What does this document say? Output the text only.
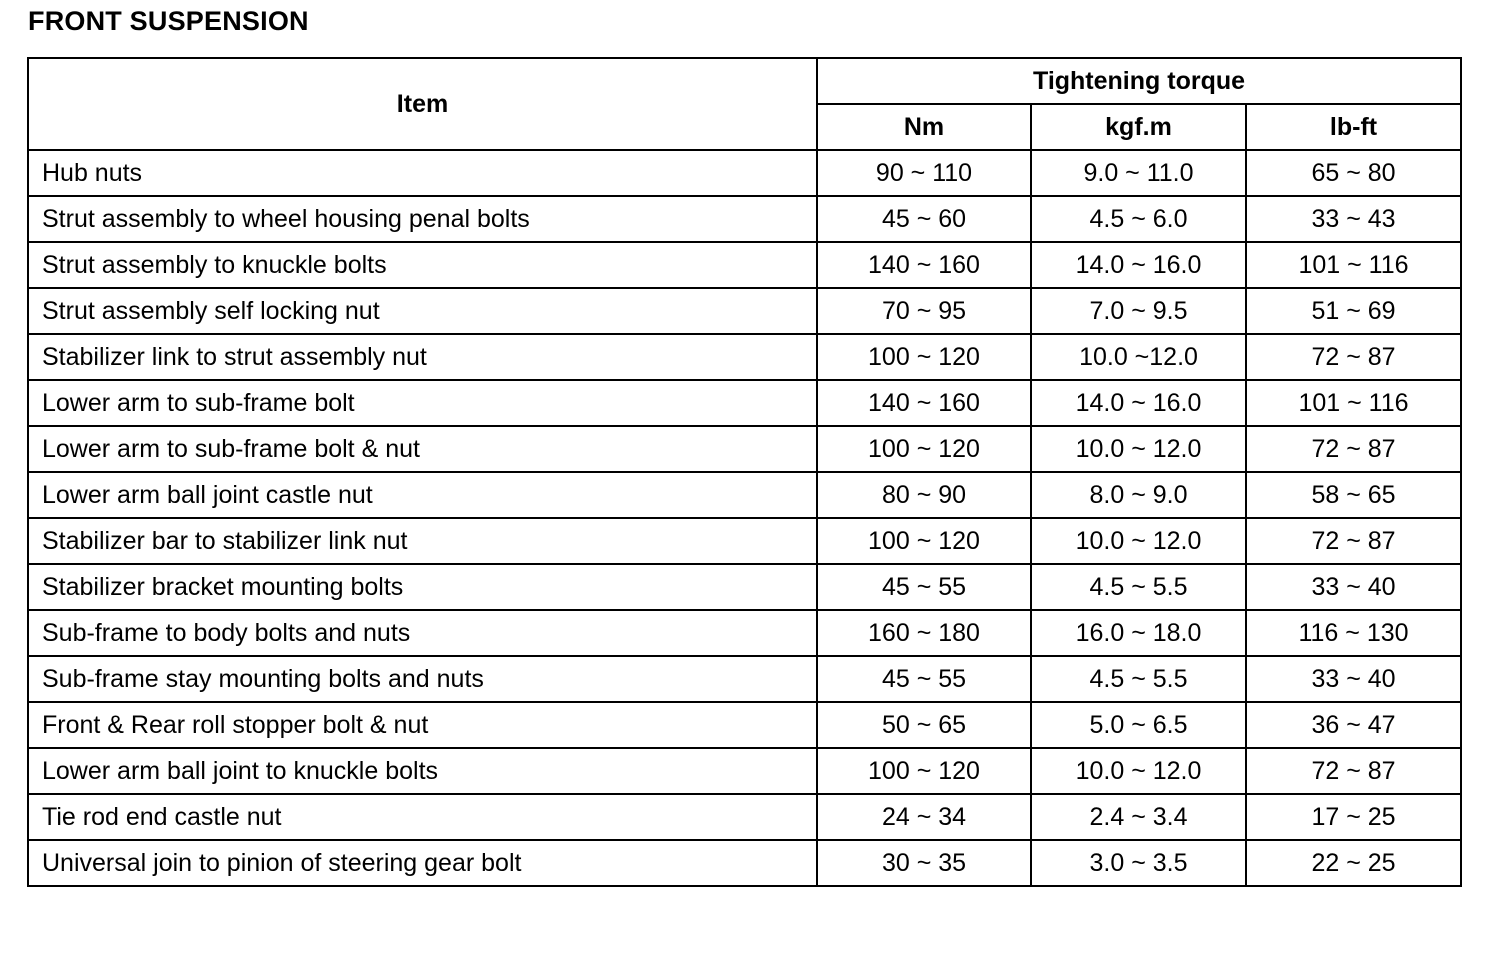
FRONT SUSPENSION
Item	Tightening torque		
	Nm	kgf.m	lb-ft
Hub nuts	90 ~ 110	9.0 ~ 11.0	65 ~ 80
Strut assembly to wheel housing penal bolts	45 ~ 60	4.5 ~ 6.0	33 ~ 43
Strut assembly to knuckle bolts	140 ~ 160	14.0 ~ 16.0	101 ~ 116
Strut assembly self locking nut	70 ~ 95	7.0 ~ 9.5	51 ~ 69
Stabilizer link to strut assembly nut	100 ~ 120	10.0 ~12.0	72 ~ 87
Lower arm to sub-frame bolt	140 ~ 160	14.0 ~ 16.0	101 ~ 116
Lower arm to sub-frame bolt & nut	100 ~ 120	10.0 ~ 12.0	72 ~ 87
Lower arm ball joint castle nut	80 ~ 90	8.0 ~ 9.0	58 ~ 65
Stabilizer bar to stabilizer link nut	100 ~ 120	10.0 ~ 12.0	72 ~ 87
Stabilizer bracket mounting bolts	45 ~ 55	4.5 ~ 5.5	33 ~ 40
Sub-frame to body bolts and nuts	160 ~ 180	16.0 ~ 18.0	116 ~ 130
Sub-frame stay mounting bolts and nuts	45 ~ 55	4.5 ~ 5.5	33 ~ 40
Front & Rear roll stopper bolt & nut	50 ~ 65	5.0 ~ 6.5	36 ~ 47
Lower arm ball joint to knuckle bolts	100 ~ 120	10.0 ~ 12.0	72 ~ 87
Tie rod end castle nut	24 ~ 34	2.4 ~ 3.4	17 ~ 25
Universal join to pinion of steering gear bolt	30 ~ 35	3.0 ~ 3.5	22 ~ 25
